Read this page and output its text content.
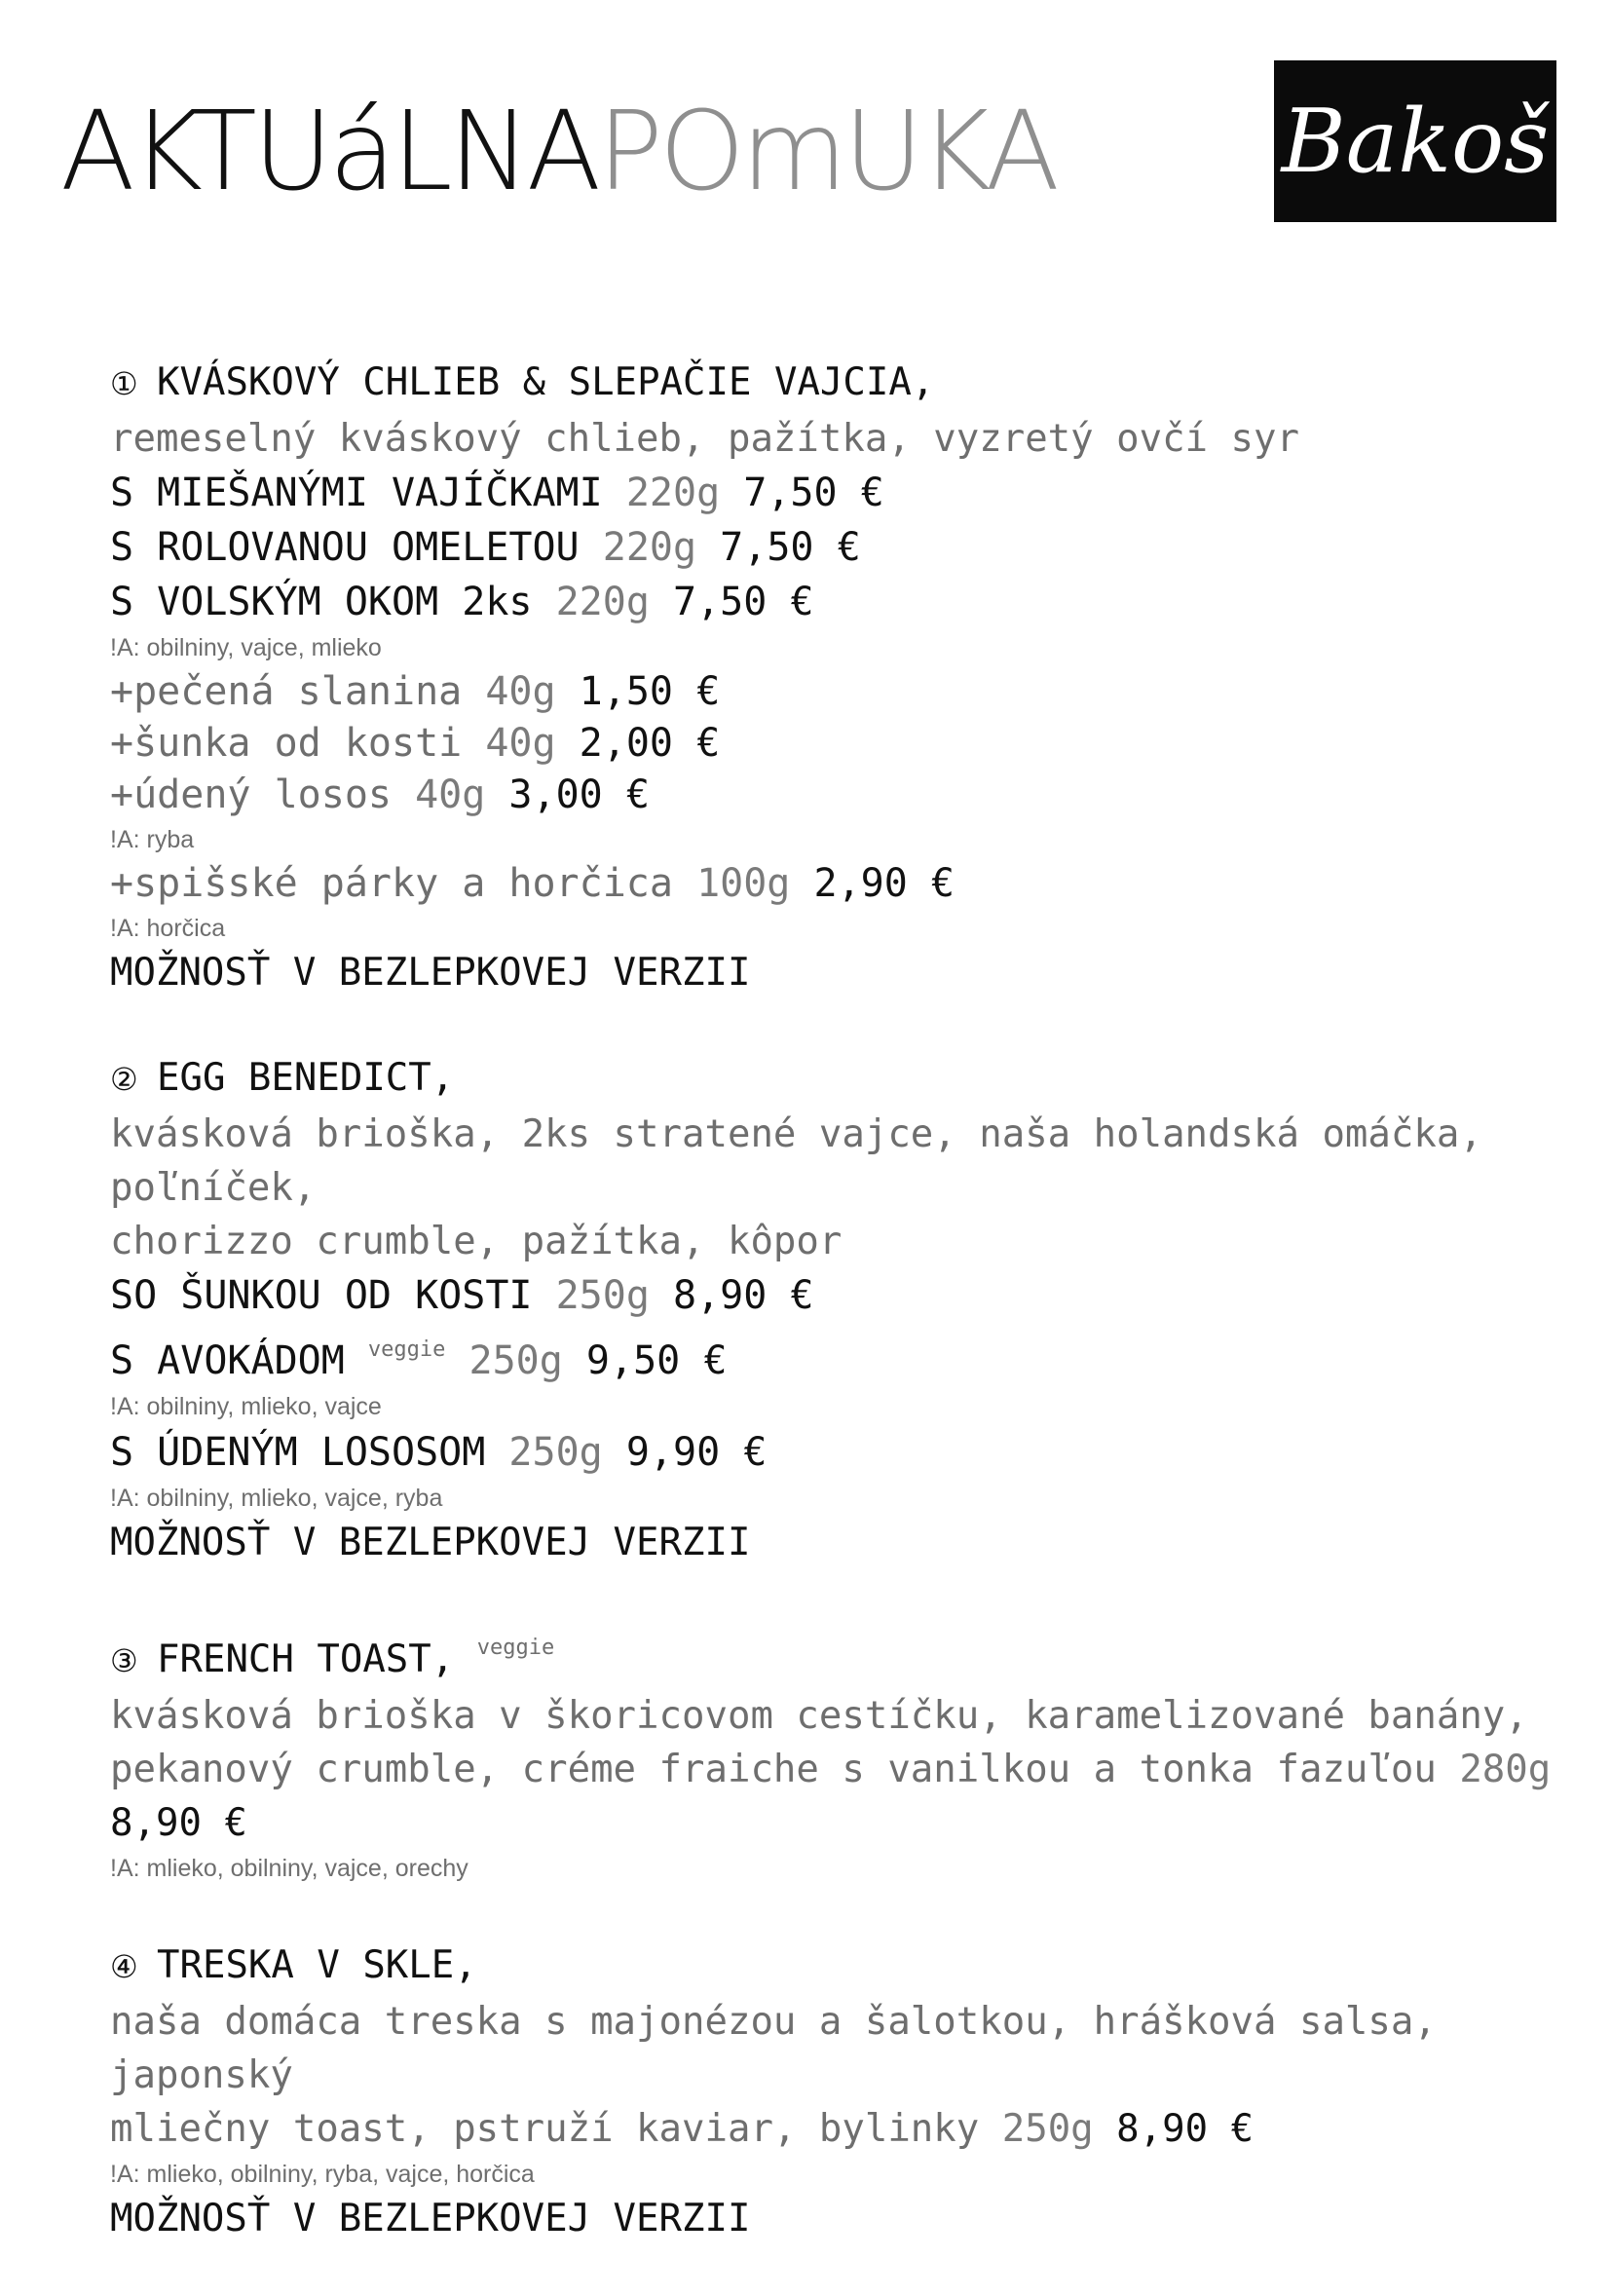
AKTUáLNAPOmUKA	Bakoš
① KVÁSKOVÝ CHLIEB & SLEPAČIE VAJCIA,
remeselný kváskový chlieb, pažítka, vyzretý ovčí syr
S MIEŠANÝMI VAJÍČKAMI 220g 7,50 €
S ROLOVANOU OMELETOU 220g 7,50 €
S VOLSKÝM OKOM 2ks 220g 7,50 €
!A: obilniny, vajce, mlieko
+pečená slanina 40g 1,50 €
+šunka od kosti 40g 2,00 €
+údený losos 40g 3,00 €
!A: ryba
+spišské párky a horčica 100g 2,90 €
!A: horčica
MOŽNOSŤ V BEZLEPKOVEJ VERZII
② EGG BENEDICT,
kvásková brioška, 2ks stratené vajce, naša holandská omáčka, poľníček,
chorizzo crumble, pažítka, kôpor
SO ŠUNKOU OD KOSTI 250g 8,90 €
S AVOKÁDOM $^{veggie}$ 250g 9,50 €
!A: obilniny, mlieko, vajce
S ÚDENÝM LOSOSOM 250g 9,90 €
!A: obilniny, mlieko, vajce, ryba
MOŽNOSŤ V BEZLEPKOVEJ VERZII
③ FRENCH TOAST, $^{veggie}$
kvásková brioška v škoricovom cestíčku, karamelizované banány,
pekanový crumble, créme fraiche s vanilkou a tonka fazuľou 280g 8,90 €
!A: mlieko, obilniny, vajce, orechy
④ TRESKA V SKLE,
naša domáca treska s majonézou a šalotkou, hrášková salsa, japonský
mliečny toast, pstruží kaviar, bylinky 250g 8,90 €
!A: mlieko, obilniny, ryba, vajce, horčica
MOŽNOSŤ V BEZLEPKOVEJ VERZII
